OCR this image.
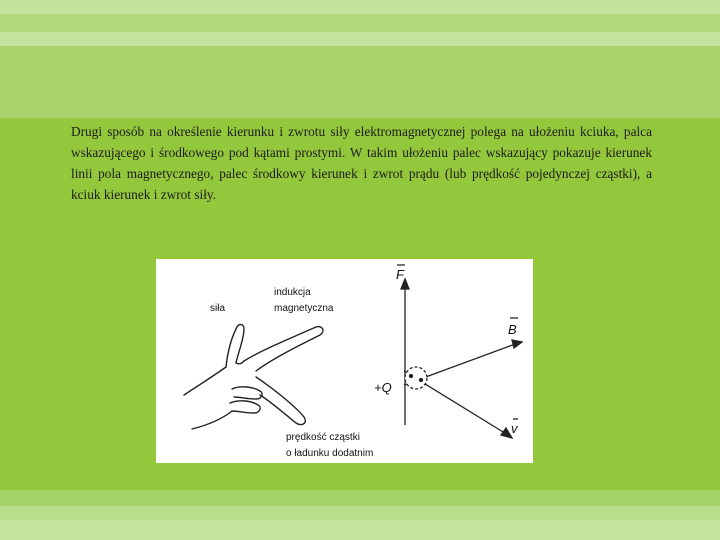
Drugi sposób na określenie kierunku i zwrotu siły elektromagnetycznej polega na ułożeniu kciuka, palca wskazującego i środkowego pod kątami prostymi. W takim ułożeniu palec wskazujący pokazuje kierunek linii pola magnetycznego, palec środkowy kierunek i zwrot prądu (lub prędkość pojedynczej cząstki), a kciuk kierunek i zwrot siły.

siła
indukcja
magnetyczna
prędkość cząstki
o ładunku dodatnim
F
B
+Q
v
